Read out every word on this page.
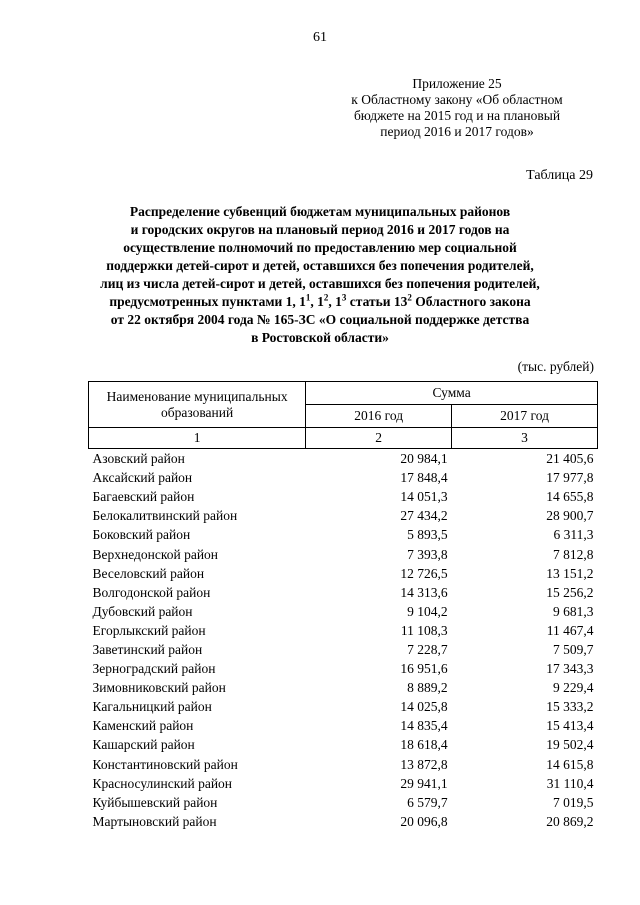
61
Приложение 25
к Областному закону «Об областном
бюджете на 2015 год и на плановый
период 2016 и 2017 годов»
Таблица 29
Распределение субвенций бюджетам муниципальных районов
и городских округов на плановый период 2016 и 2017 годов на
осуществление полномочий по предоставлению мер социальной
поддержки детей-сирот и детей, оставшихся без попечения родителей,
лиц из числа детей-сирот и детей, оставшихся без попечения родителей,
предусмотренных пунктами 1, $1^1$, $1^2$, $1^3$ статьи $13^2$ Областного закона
от 22 октября 2004 года № 165-ЗС «О социальной поддержке детства
в Ростовской области»
(тыс. рублей)
Наименование муниципальных образований	Сумма	
	2016 год	2017 год
1	2	3
Азовский район	20 984,1	21 405,6
Аксайский район	17 848,4	17 977,8
Багаевский район	14 051,3	14 655,8
Белокалитвинский район	27 434,2	28 900,7
Боковский район	5 893,5	6 311,3
Верхнедонской район	7 393,8	7 812,8
Веселовский район	12 726,5	13 151,2
Волгодонской район	14 313,6	15 256,2
Дубовский район	9 104,2	9 681,3
Егорлыкский район	11 108,3	11 467,4
Заветинский район	7 228,7	7 509,7
Зерноградский район	16 951,6	17 343,3
Зимовниковский район	8 889,2	9 229,4
Кагальницкий район	14 025,8	15 333,2
Каменский район	14 835,4	15 413,4
Кашарский район	18 618,4	19 502,4
Константиновский район	13 872,8	14 615,8
Красносулинский район	29 941,1	31 110,4
Куйбышевский район	6 579,7	7 019,5
Мартыновский район	20 096,8	20 869,2
